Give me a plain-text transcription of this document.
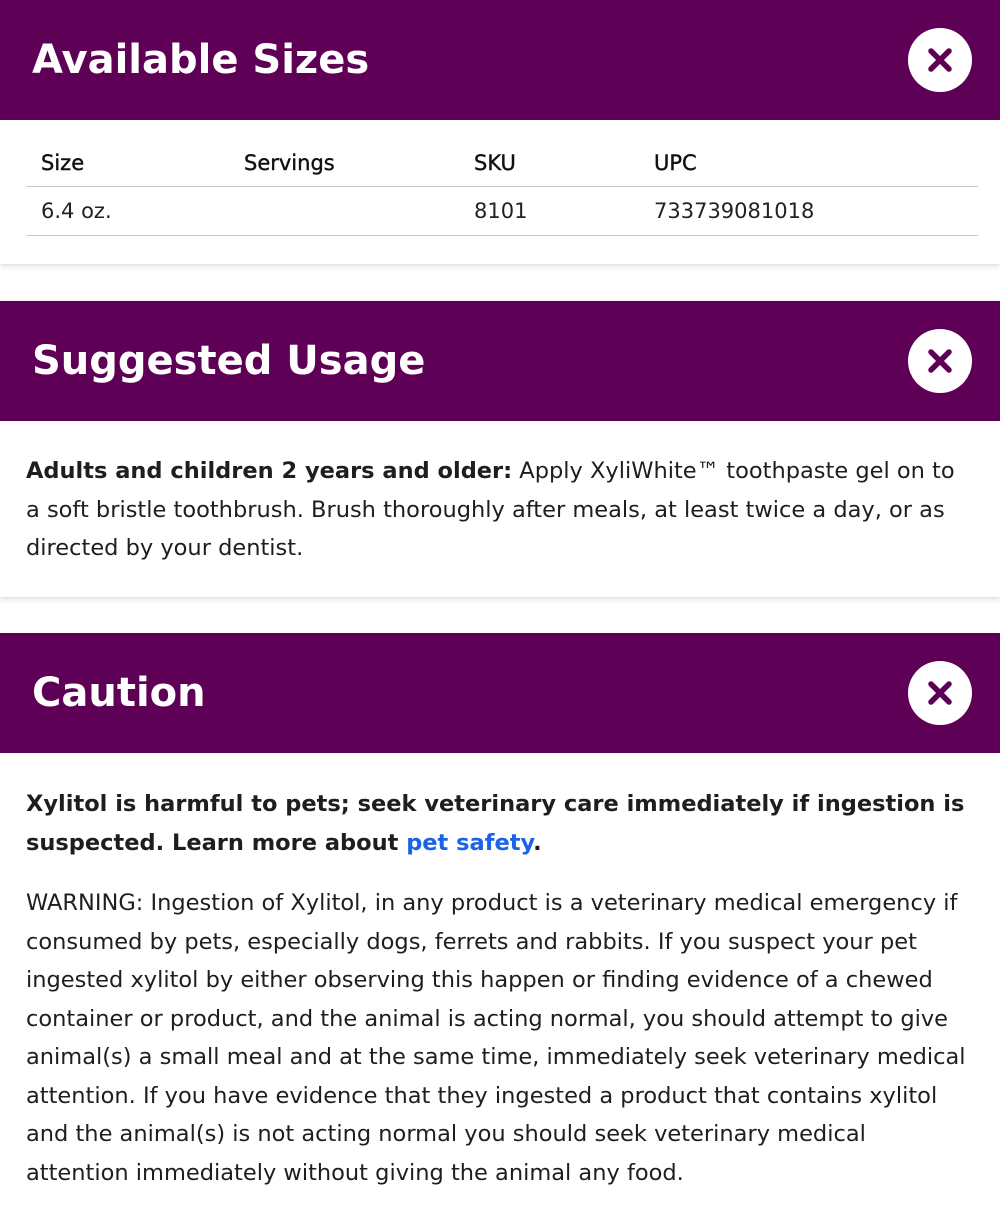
Available Sizes
Size	Servings	SKU	UPC
6.4 oz.		8101	733739081018
Suggested Usage

Adults and children 2 years and older: Apply XyliWhite™ toothpaste gel on to a soft bristle toothbrush. Brush thoroughly after meals, at least twice a day, or as directed by your dentist.

Caution

Xylitol is harmful to pets; seek veterinary care immediately if ingestion is suspected. Learn more about pet safety.

WARNING: Ingestion of Xylitol, in any product is a veterinary medical emergency if consumed by pets, especially dogs, ferrets and rabbits. If you suspect your pet ingested xylitol by either observing this happen or finding evidence of a chewed container or product, and the animal is acting normal, you should attempt to give animal(s) a small meal and at the same time, immediately seek veterinary medical attention. If you have evidence that they ingested a product that contains xylitol and the animal(s) is not acting normal you should seek veterinary medical attention immediately without giving the animal any food.
